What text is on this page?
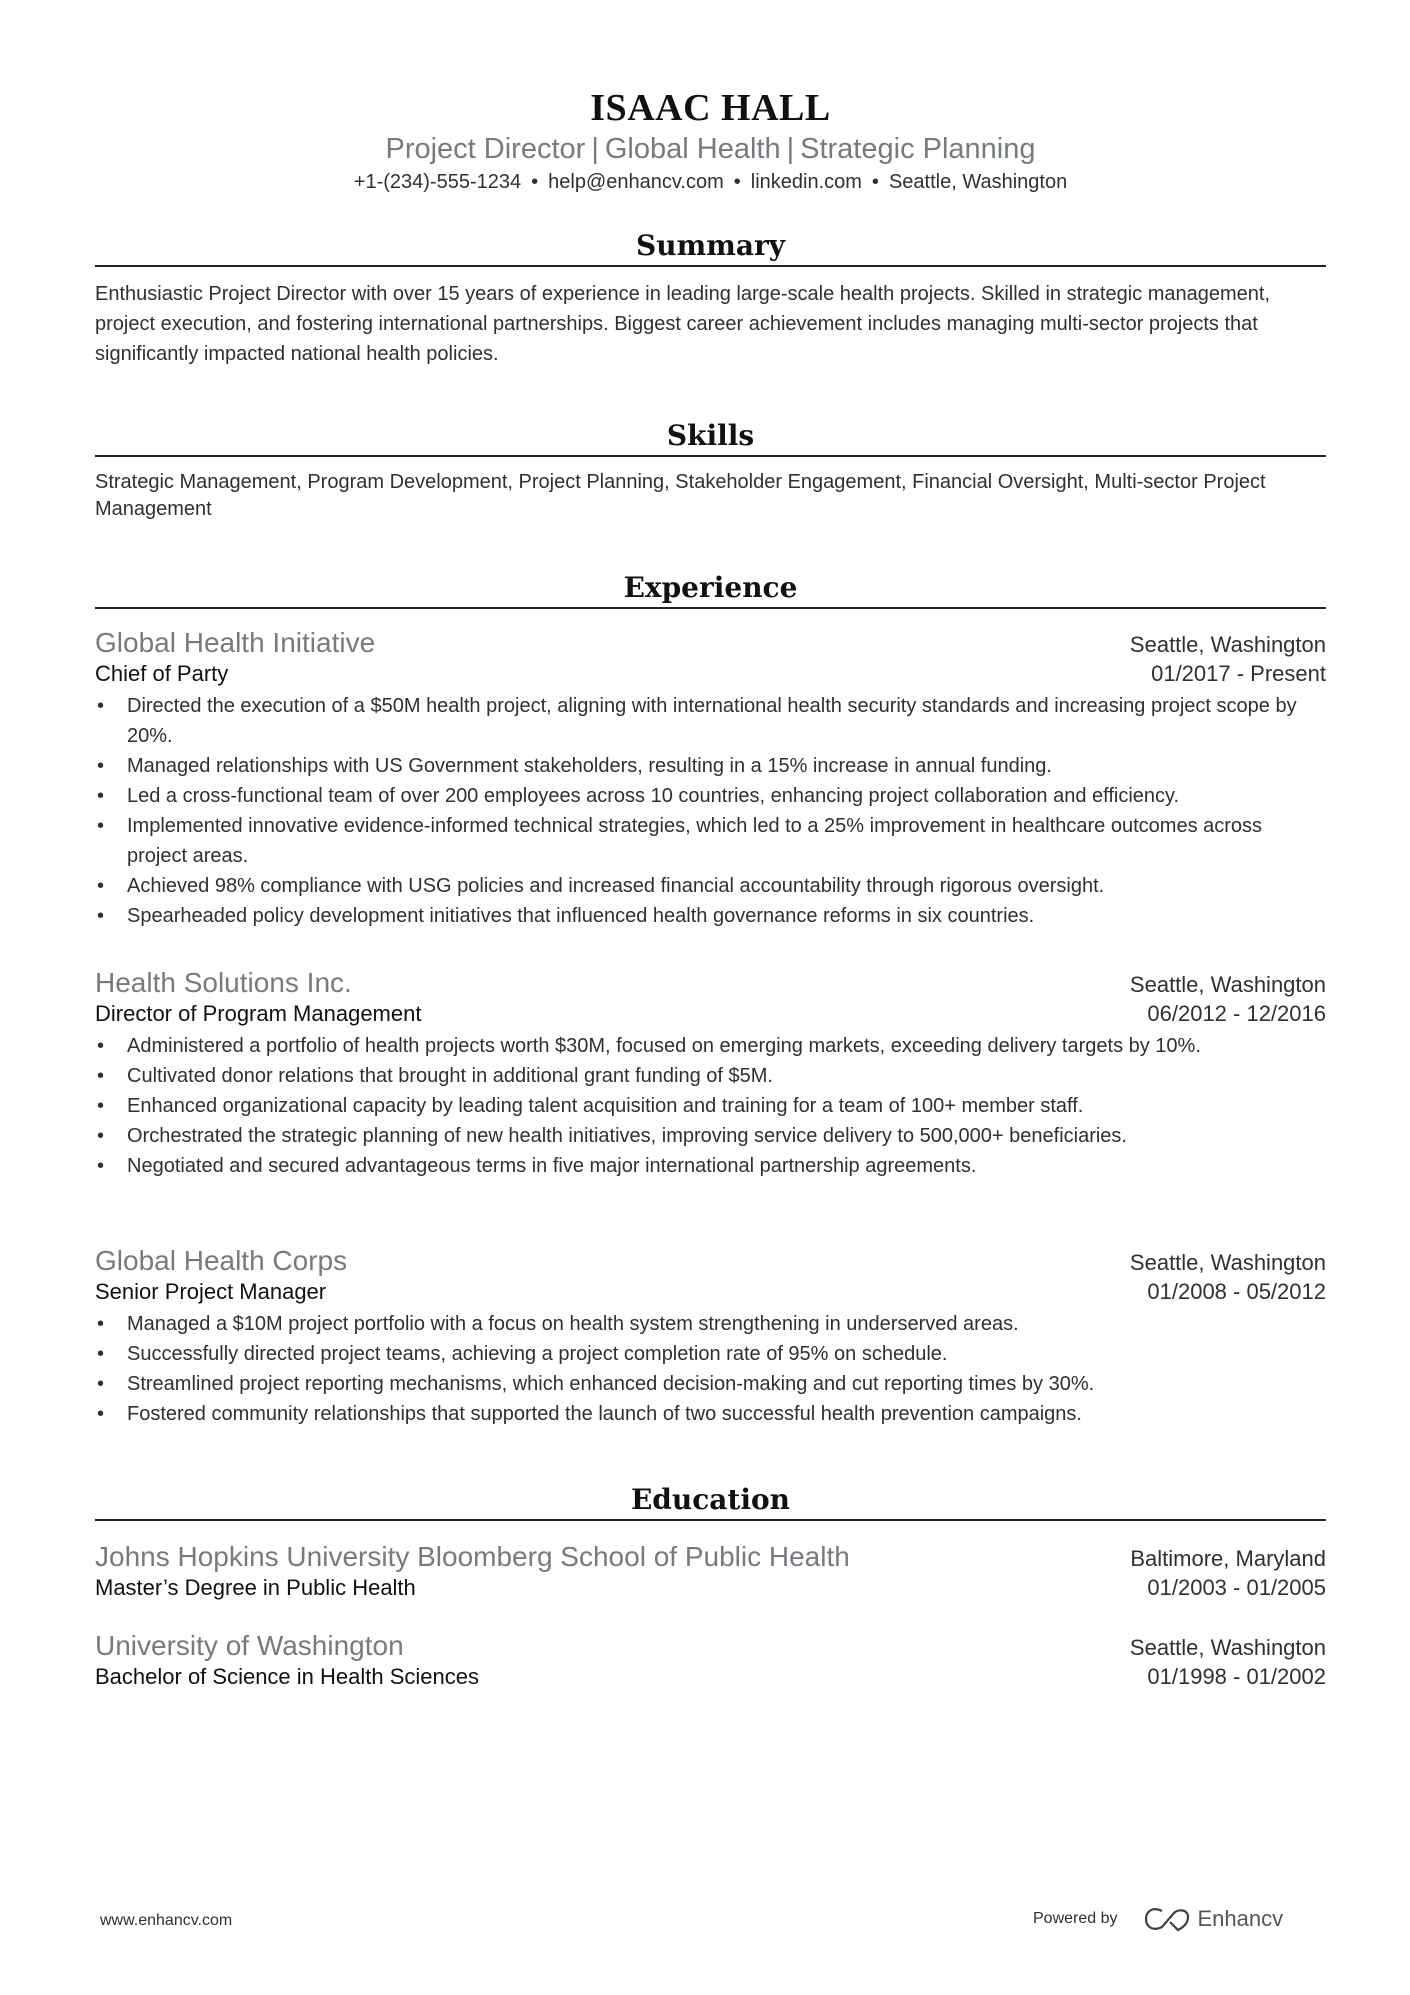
ISAAC HALL
Project Director | Global Health | Strategic Planning
+1-(234)-555-1234 • help@enhancv.com • linkedin.com • Seattle, Washington
Summary
Enthusiastic Project Director with over 15 years of experience in leading large-scale health projects. Skilled in strategic management, project execution, and fostering international partnerships. Biggest career achievement includes managing multi-sector projects that significantly impacted national health policies.
Skills
Strategic Management, Program Development, Project Planning, Stakeholder Engagement, Financial Oversight, Multi-sector Project Management
Experience
Global Health Initiative	Seattle, Washington
Chief of Party	01/2017 - Present
• Directed the execution of a $50M health project, aligning with international health security standards and increasing project scope by 20%.
• Managed relationships with US Government stakeholders, resulting in a 15% increase in annual funding.
• Led a cross-functional team of over 200 employees across 10 countries, enhancing project collaboration and efficiency.
• Implemented innovative evidence-informed technical strategies, which led to a 25% improvement in healthcare outcomes across project areas.
• Achieved 98% compliance with USG policies and increased financial accountability through rigorous oversight.
• Spearheaded policy development initiatives that influenced health governance reforms in six countries.
Health Solutions Inc.	Seattle, Washington
Director of Program Management	06/2012 - 12/2016
• Administered a portfolio of health projects worth $30M, focused on emerging markets, exceeding delivery targets by 10%.
• Cultivated donor relations that brought in additional grant funding of $5M.
• Enhanced organizational capacity by leading talent acquisition and training for a team of 100+ member staff.
• Orchestrated the strategic planning of new health initiatives, improving service delivery to 500,000+ beneficiaries.
• Negotiated and secured advantageous terms in five major international partnership agreements.
Global Health Corps	Seattle, Washington
Senior Project Manager	01/2008 - 05/2012
• Managed a $10M project portfolio with a focus on health system strengthening in underserved areas.
• Successfully directed project teams, achieving a project completion rate of 95% on schedule.
• Streamlined project reporting mechanisms, which enhanced decision-making and cut reporting times by 30%.
• Fostered community relationships that supported the launch of two successful health prevention campaigns.
Education
Johns Hopkins University Bloomberg School of Public Health	Baltimore, Maryland
Master’s Degree in Public Health	01/2003 - 01/2005
University of Washington	Seattle, Washington
Bachelor of Science in Health Sciences	01/1998 - 01/2002
www.enhancv.com	Powered by	Enhancv
